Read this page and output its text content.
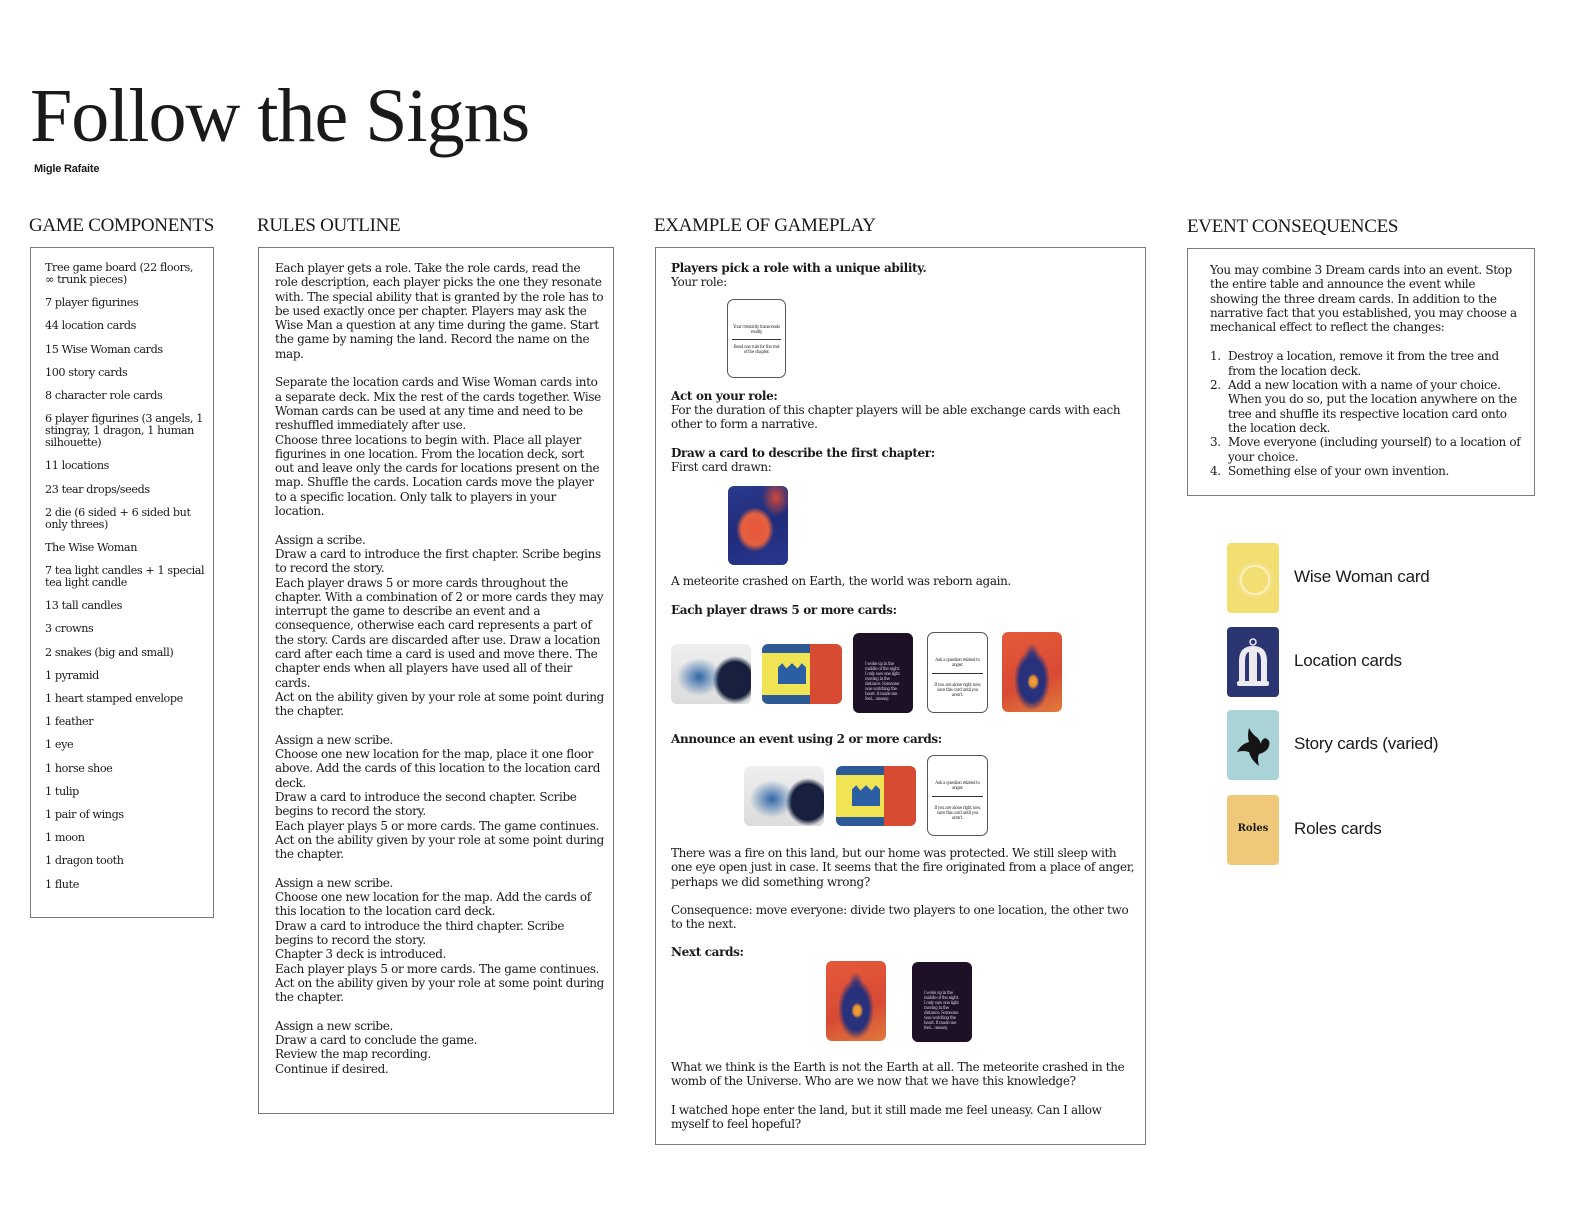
Follow the Signs
Migle Rafaite
GAME COMPONENTS
Tree game board (22 floors, ∞ trunk pieces)
7 player figurines
44 location cards
15 Wise Woman cards
100 story cards
8 character role cards
6 player figurines (3 angels, 1 stingray, 1 dragon, 1 human silhouette)
11 locations
23 tear drops/seeds
2 die (6 sided + 6 sided but only threes)
The Wise Woman
7 tea light candles + 1 special tea light candle
13 tall candles
3 crowns
2 snakes (big and small)
1 pyramid
1 heart stamped envelope
1 feather
1 eye
1 horse shoe
1 tulip
1 pair of wings
1 moon
1 dragon tooth
1 flute
RULES OUTLINE
Each player gets a role. Take the role cards, read the role description, each player picks the one they resonate with. The special ability that is granted by the role has to be used exactly once per chapter. Players may ask the Wise Man a question at any time during the game. Start the game by naming the land. Record the name on the map.
Separate the location cards and Wise Woman cards into a separate deck. Mix the rest of the cards together. Wise Woman cards can be used at any time and need to be reshuffled immediately after use.
Choose three locations to begin with. Place all player figurines in one location. From the location deck, sort out and leave only the cards for locations present on the map. Shuffle the cards. Location cards move the player to a specific location. Only talk to players in your location.
Assign a scribe.
Draw a card to introduce the first chapter. Scribe begins to record the story.
Each player draws 5 or more cards throughout the chapter. With a combination of 2 or more cards they may interrupt the game to describe an event and a consequence, otherwise each card represents a part of the story. Cards are discarded after use. Draw a location card after each time a card is used and move there. The chapter ends when all players have used all of their cards.
Act on the ability given by your role at some point during the chapter.
Assign a new scribe.
Choose one new location for the map, place it one floor above. Add the cards of this location to the location card deck.
Draw a card to introduce the second chapter. Scribe begins to record the story.
Each player plays 5 or more cards. The game continues.
Act on the ability given by your role at some point during the chapter.
Assign a new scribe.
Choose one new location for the map. Add the cards of this location to the location card deck.
Draw a card to introduce the third chapter. Scribe begins to record the story.
Chapter 3 deck is introduced.
Each player plays 5 or more cards. The game continues.
Act on the ability given by your role at some point during the chapter.
Assign a new scribe.
Draw a card to conclude the game.
Review the map recording.
Continue if desired.
EXAMPLE OF GAMEPLAY
Players pick a role with a unique ability.
Your role:
Your creativity transcends reality.
Bend one rule for the rest of the chapter.
Act on your role:
For the duration of this chapter players will be able exchange cards with each other to form a narrative.
Draw a card to describe the first chapter:
First card drawn:
A meteorite crashed on Earth, the world was reborn again.
Each player draws 5 or more cards:
I woke up in the middle of the night. I only saw one light moving in the distance. Someone was watching the heart. It made me feel... uneasy.
Ask a question related to anger.
If you are alone right now, save this card until you aren't.
Announce an event using 2 or more cards:
Ask a question related to anger.
If you are alone right now, save this card until you aren't.
There was a fire on this land, but our home was protected. We still sleep with one eye open just in case. It seems that the fire originated from a place of anger, perhaps we did something wrong?
Consequence: move everyone: divide two players to one location, the other two to the next.
Next cards:
I woke up in the middle of the night. I only saw one light moving in the distance. Someone was watching the heart. It made me feel... uneasy.
What we think is the Earth is not the Earth at all. The meteorite crashed in the womb of the Universe. Who are we now that we have this knowledge?
I watched hope enter the land, but it still made me feel uneasy. Can I allow myself to feel hopeful?
EVENT CONSEQUENCES
You may combine 3 Dream cards into an event. Stop the entire table and announce the event while showing the three dream cards. In addition to the narrative fact that you established, you may choose a mechanical effect to reflect the changes:
1. Destroy a location, remove it from the tree and from the location deck.
2. Add a new location with a name of your choice. When you do so, put the location anywhere on the tree and shuffle its respective location card onto the location deck.
3. Move everyone (including yourself) to a location of your choice.
4. Something else of your own invention.
Wise Woman card
Location cards
Story cards (varied)
Roles	Roles cards
